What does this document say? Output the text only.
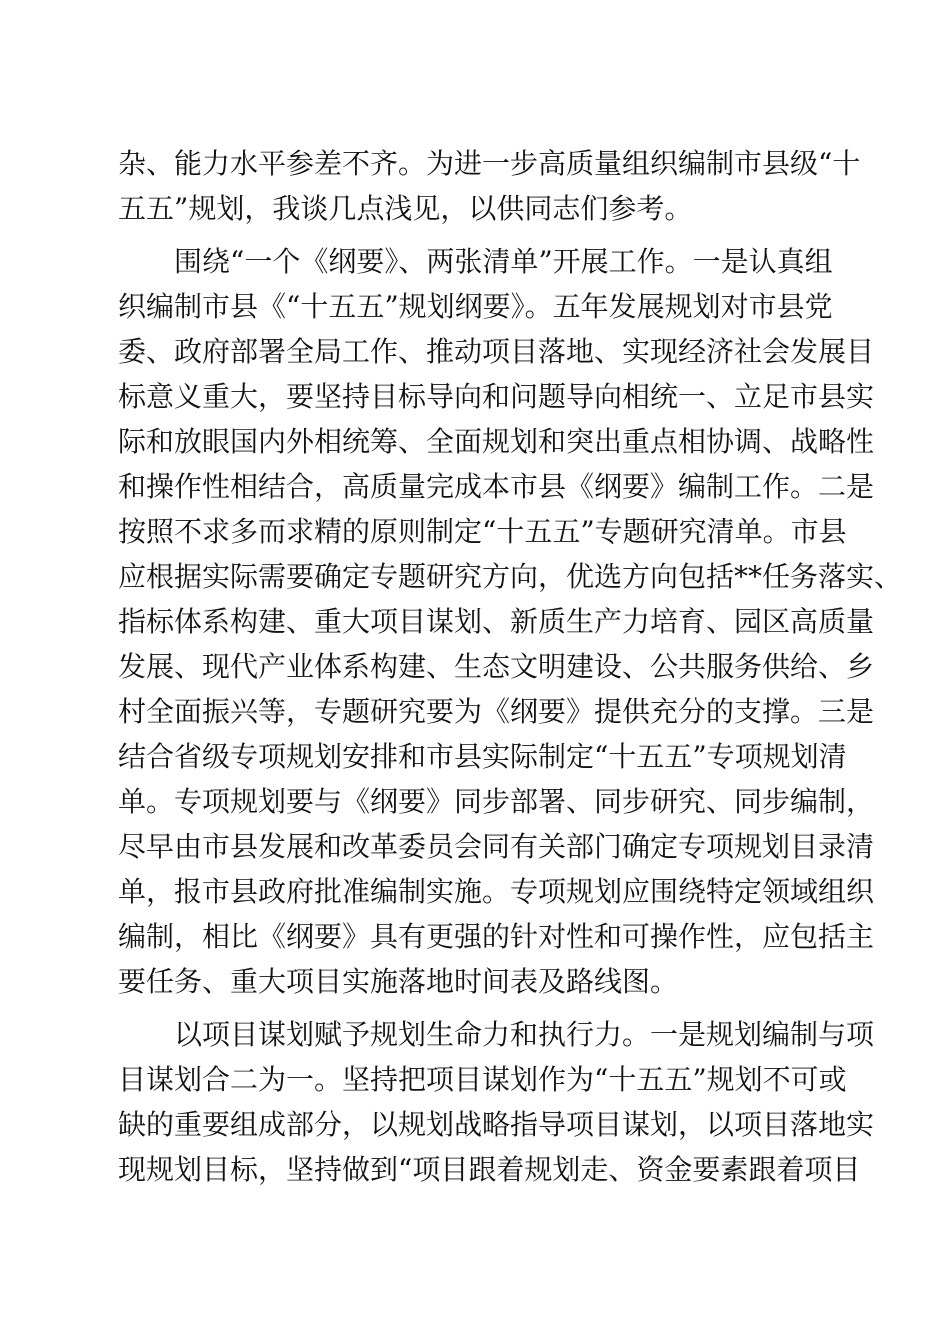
杂、能力水平参差不齐。为进一步高质量组织编制市县级“十
五五”规划，我谈几点浅见，以供同志们参考。
围绕“一个《纲要》、两张清单”开展工作。一是认真组
织编制市县《“十五五”规划纲要》。五年发展规划对市县党
委、政府部署全局工作、推动项目落地、实现经济社会发展目
标意义重大，要坚持目标导向和问题导向相统一、立足市县实
际和放眼国内外相统筹、全面规划和突出重点相协调、战略性
和操作性相结合，高质量完成本市县《纲要》编制工作。二是
按照不求多而求精的原则制定“十五五”专题研究清单。市县
应根据实际需要确定专题研究方向，优选方向包括**任务落实、
指标体系构建、重大项目谋划、新质生产力培育、园区高质量
发展、现代产业体系构建、生态文明建设、公共服务供给、乡
村全面振兴等，专题研究要为《纲要》提供充分的支撑。三是
结合省级专项规划安排和市县实际制定“十五五”专项规划清
单。专项规划要与《纲要》同步部署、同步研究、同步编制，
尽早由市县发展和改革委员会同有关部门确定专项规划目录清
单，报市县政府批准编制实施。专项规划应围绕特定领域组织
编制，相比《纲要》具有更强的针对性和可操作性，应包括主
要任务、重大项目实施落地时间表及路线图。
以项目谋划赋予规划生命力和执行力。一是规划编制与项
目谋划合二为一。坚持把项目谋划作为“十五五”规划不可或
缺的重要组成部分，以规划战略指导项目谋划，以项目落地实
现规划目标，坚持做到“项目跟着规划走、资金要素跟着项目
